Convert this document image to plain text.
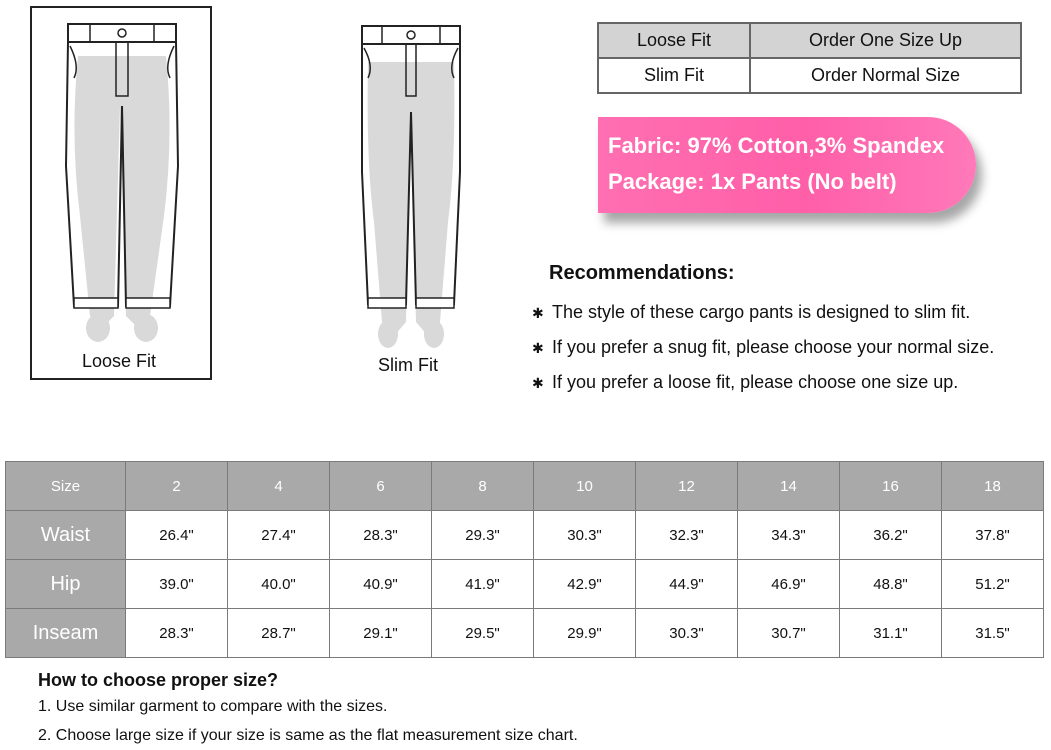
Loose Fit	Slim Fit
Loose Fit	Order One Size Up
Slim Fit	Order Normal Size
Fabric: 97% Cotton,3% Spandex
Package: 1x Pants (No belt)
Recommendations:
✱ The style of these cargo pants is designed to slim fit.
✱ If you prefer a snug fit, please choose your normal size.
✱ If you prefer a loose fit, please choose one size up.
Size	2	4	6	8	10	12	14	16	18
Waist	26.4"	27.4"	28.3"	29.3"	30.3"	32.3"	34.3"	36.2"	37.8"
Hip	39.0"	40.0"	40.9"	41.9"	42.9"	44.9"	46.9"	48.8"	51.2"
Inseam	28.3"	28.7"	29.1"	29.5"	29.9"	30.3"	30.7"	31.1"	31.5"
How to choose proper size?
1. Use similar garment to compare with the sizes.
2. Choose large size if your size is same as the flat measurement size chart.
